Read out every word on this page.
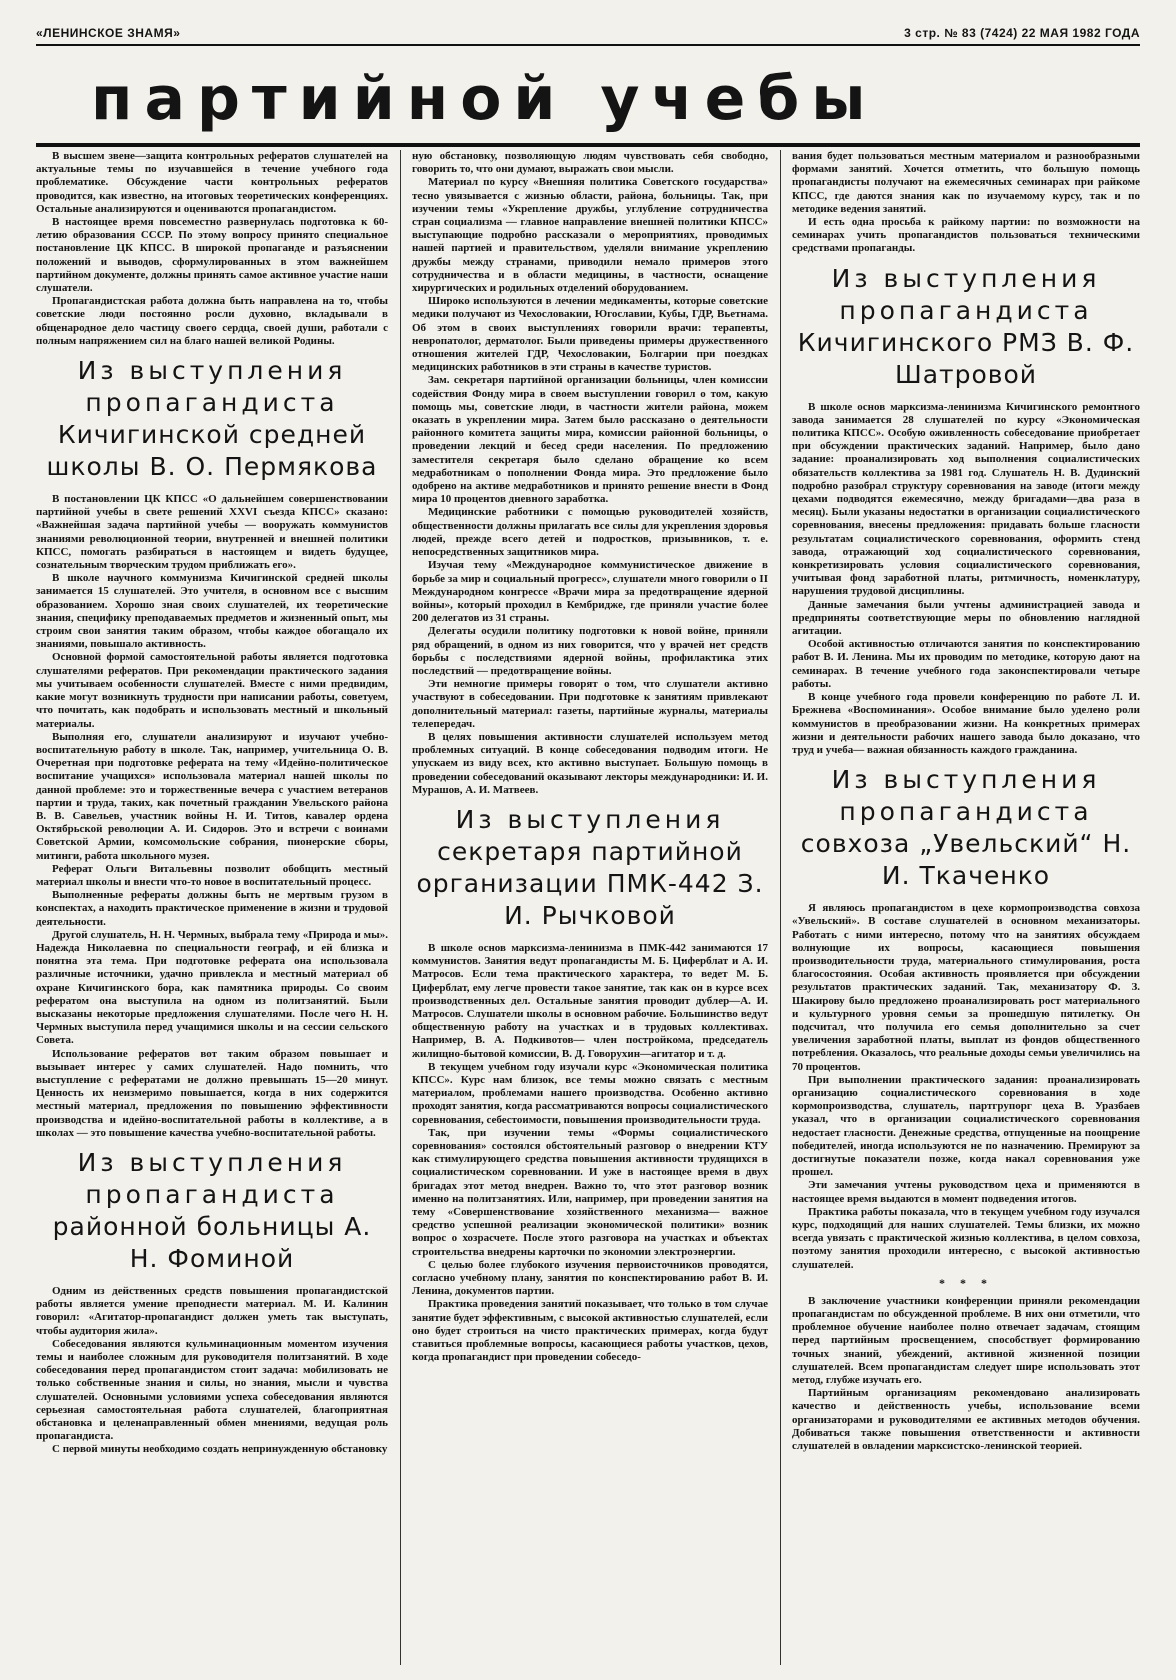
«ЛЕНИНСКОЕ ЗНАМЯ»	3 стр. № 83 (7424) 22 МАЯ 1982 ГОДА
партийной учебы

В высшем звене—защита контрольных рефератов слушателей на актуальные темы по изучавшейся в течение учебного года проблематике. Обсуждение части контрольных рефератов проводится, как известно, на итоговых теоретических конференциях. Остальные анализируются и оцениваются пропагандистом.

В настоящее время повсеместно развернулась подготовка к 60-летию образования СССР. По этому вопросу принято специальное постановление ЦК КПСС. В широкой пропаганде и разъяснении положений и выводов, сформулированных в этом важнейшем партийном документе, должны принять самое активное участие наши слушатели.

Пропагандистская работа должна быть направлена на то, чтобы советские люди постоянно росли духовно, вкладывали в общенародное дело частицу своего сердца, своей души, работали с полным напряжением сил на благо нашей великой Родины.

Из выступления пропагандиста
Кичигинской средней школы В. О. Пермякова

В постановлении ЦК КПСС «О дальнейшем совершенствовании партийной учебы в свете решений XXVI съезда КПСС» сказано: «Важнейшая задача партийной учебы — вооружать коммунистов знаниями революционной теории, внутренней и внешней политики КПСС, помогать разбираться в настоящем и видеть будущее, сознательным творческим трудом приближать его».

В школе научного коммунизма Кичигинской средней школы занимается 15 слушателей. Это учителя, в основном все с высшим образованием. Хорошо зная своих слушателей, их теоретические знания, специфику преподаваемых предметов и жизненный опыт, мы строим свои занятия таким образом, чтобы каждое обогащало их знаниями, повышало активность.

Основной формой самостоятельной работы является подготовка слушателями рефератов. При рекомендации практического задания мы учитываем особенности слушателей. Вместе с ними предвидим, какие могут возникнуть трудности при написании работы, советуем, что почитать, как подобрать и использовать местный и школьный материалы.

Выполняя его, слушатели анализируют и изучают учебно-воспитательную работу в школе. Так, например, учительница О. В. Очеретная при подготовке реферата на тему «Идейно-политическое воспитание учащихся» использовала материал нашей школы по данной проблеме: это и торжественные вечера с участием ветеранов партии и труда, таких, как почетный гражданин Увельского района В. В. Савельев, участник войны Н. И. Титов, кавалер ордена Октябрьской революции А. И. Сидоров. Это и встречи с воинами Советской Армии, комсомольские собрания, пионерские сборы, митинги, работа школьного музея.

Реферат Ольги Витальевны позволит обобщить местный материал школы и внести что-то новое в воспитательный процесс.

Выполненные рефераты должны быть не мертвым грузом в конспектах, а находить практическое применение в жизни и трудовой деятельности.

Другой слушатель, Н. Н. Чермных, выбрала тему «Природа и мы». Надежда Николаевна по специальности географ, и ей близка и понятна эта тема. При подготовке реферата она использовала различные источники, удачно привлекла и местный материал об охране Кичигинского бора, как памятника природы. Со своим рефератом она выступила на одном из политзанятий. Были высказаны некоторые предложения слушателями. После чего Н. Н. Чермных выступила перед учащимися школы и на сессии сельского Совета.

Использование рефератов вот таким образом повышает и вызывает интерес у самих слушателей. Надо помнить, что выступление с рефератами не должно превышать 15—20 минут. Ценность их неизмеримо повышается, когда в них содержится местный материал, предложения по повышению эффективности производства и идейно-воспитательной работы в коллективе, а в школах — это повышение качества учебно-воспитательной работы.

Из выступления пропагандиста
районной больницы А. Н. Фоминой

Одним из действенных средств повышения пропагандистской работы является умение преподнести материал. М. И. Калинин говорил: «Агитатор-пропагандист должен уметь так выступать, чтобы аудитория жила».

Собеседования являются кульминационным моментом изучения темы и наиболее сложным для руководителя политзанятий. В ходе собеседования перед пропагандистом стоит задача: мобилизовать не только собственные знания и силы, но знания, мысли и чувства слушателей. Основными условиями успеха собеседования являются серьезная самостоятельная работа слушателей, благоприятная обстановка и целенаправленный обмен мнениями, ведущая роль пропагандиста.

С первой минуты необходимо создать непринужденную обстановку

ную обстановку, позволяющую людям чувствовать себя свободно, говорить то, что они думают, выражать свои мысли.

Материал по курсу «Внешняя политика Советского государства» тесно увязывается с жизнью области, района, больницы. Так, при изучении темы «Укрепление дружбы, углубление сотрудничества стран социализма — главное направление внешней политики КПСС» выступающие подробно рассказали о мероприятиях, проводимых нашей партией и правительством, уделяли внимание укреплению дружбы между странами, приводили немало примеров этого сотрудничества и в области медицины, в частности, оснащение хирургических и родильных отделений оборудованием.

Широко используются в лечении медикаменты, которые советские медики получают из Чехословакии, Югославии, Кубы, ГДР, Вьетнама. Об этом в своих выступлениях говорили врачи: терапевты, невропатолог, дерматолог. Были приведены примеры дружественного отношения жителей ГДР, Чехословакии, Болгарии при поездках медицинских работников в эти страны в качестве туристов.

Зам. секретаря партийной организации больницы, член комиссии содействия Фонду мира в своем выступлении говорил о том, какую помощь мы, советские люди, в частности жители района, можем оказать в укреплении мира. Затем было рассказано о деятельности районного комитета защиты мира, комиссии районной больницы, о проведении лекций и бесед среди населения. По предложению заместителя секретаря было сделано обращение ко всем медработникам о пополнении Фонда мира. Это предложение было одобрено на активе медработников и принято решение внести в Фонд мира 10 процентов дневного заработка.

Медицинские работники с помощью руководителей хозяйств, общественности должны прилагать все силы для укрепления здоровья людей, прежде всего детей и подростков, призывников, т. е. непосредственных защитников мира.

Изучая тему «Международное коммунистическое движение в борьбе за мир и социальный прогресс», слушатели много говорили о II Международном конгрессе «Врачи мира за предотвращение ядерной войны», который проходил в Кембридже, где приняли участие более 200 делегатов из 31 страны.

Делегаты осудили политику подготовки к новой войне, приняли ряд обращений, в одном из них говорится, что у врачей нет средств борьбы с последствиями ядерной войны, профилактика этих последствий — предотвращение войны.

Эти немногие примеры говорят о том, что слушатели активно участвуют в собеседовании. При подготовке к занятиям привлекают дополнительный материал: газеты, партийные журналы, материалы телепередач.

В целях повышения активности слушателей используем метод проблемных ситуаций. В конце собеседования подводим итоги. Не упускаем из виду всех, кто активно выступает. Большую помощь в проведении собеседований оказывают лекторы международники: И. И. Мурашов, А. И. Матвеев.

Из выступления
секретаря партийной организации ПМК-442 З. И. Рычковой

В школе основ марксизма-ленинизма в ПМК-442 занимаются 17 коммунистов. Занятия ведут пропагандисты М. Б. Циферблат и А. И. Матросов. Если тема практического характера, то ведет М. Б. Циферблат, ему легче провести такое занятие, так как он в курсе всех производственных дел. Остальные занятия проводит дублер—А. И. Матросов. Слушатели школы в основном рабочие. Большинство ведут общественную работу на участках и в трудовых коллективах. Например, В. А. Подкивотов— член постройкома, председатель жилищно-бытовой комиссии, В. Д. Говорухин—агитатор и т. д.

В текущем учебном году изучали курс «Экономическая политика КПСС». Курс нам близок, все темы можно связать с местным материалом, проблемами нашего производства. Особенно активно проходят занятия, когда рассматриваются вопросы социалистического соревнования, себестоимости, повышения производительности труда.

Так, при изучении темы «Формы социалистического соревнования» состоялся обстоятельный разговор о внедрении КТУ как стимулирующего средства повышения активности трудящихся в социалистическом соревновании. И уже в настоящее время в двух бригадах этот метод внедрен. Важно то, что этот разговор возник именно на политзанятиях. Или, например, при проведении занятия на тему «Совершенствование хозяйственного механизма— важное средство успешной реализации экономической политики» возник вопрос о хозрасчете. После этого разговора на участках и объектах строительства внедрены карточки по экономии электроэнергии.

С целью более глубокого изучения первоисточников проводятся, согласно учебному плану, занятия по конспектированию работ В. И. Ленина, документов партии.

Практика проведения занятий показывает, что только в том случае занятие будет эффективным, с высокой активностью слушателей, если оно будет строиться на чисто практических примерах, когда будут ставиться проблемные вопросы, касающиеся работы участков, цехов, когда пропагандист при проведении собеседо-

вания будет пользоваться местным материалом и разнообразными формами занятий. Хочется отметить, что большую помощь пропагандисты получают на ежемесячных семинарах при райкоме КПСС, где даются знания как по изучаемому курсу, так и по методике ведения занятий.

И есть одна просьба к райкому партии: по возможности на семинарах учить пропагандистов пользоваться техническими средствами пропаганды.

Из выступления пропагандиста
Кичигинского РМЗ В. Ф. Шатровой

В школе основ марксизма-ленинизма Кичигинского ремонтного завода занимается 28 слушателей по курсу «Экономическая политика КПСС». Особую оживленность собеседование приобретает при обсуждении практических заданий. Например, было дано задание: проанализировать ход выполнения социалистических обязательств коллектива за 1981 год. Слушатель Н. В. Дудинский подробно разобрал структуру соревнования на заводе (итоги между цехами подводятся ежемесячно, между бригадами—два раза в месяц). Были указаны недостатки в организации социалистического соревнования, внесены предложения: придавать больше гласности результатам социалистического соревнования, оформить стенд завода, отражающий ход социалистического соревнования, конкретизировать условия социалистического соревнования, учитывая фонд заработной платы, ритмичность, номенклатуру, нарушения трудовой дисциплины.

Данные замечания были учтены администрацией завода и предприняты соответствующие меры по обновлению наглядной агитации.

Особой активностью отличаются занятия по конспектированию работ В. И. Ленина. Мы их проводим по методике, которую дают на семинарах. В течение учебного года законспектировали четыре работы.

В конце учебного года провели конференцию по работе Л. И. Брежнева «Воспоминания». Особое внимание было уделено роли коммунистов в преобразовании жизни. На конкретных примерах жизни и деятельности рабочих нашего завода было доказано, что труд и учеба— важная обязанность каждого гражданина.

Из выступления пропагандиста
совхоза „Увельский“ Н. И. Ткаченко

Я являюсь пропагандистом в цехе кормопроизводства совхоза «Увельский». В составе слушателей в основном механизаторы. Работать с ними интересно, потому что на занятиях обсуждаем волнующие их вопросы, касающиеся повышения производительности труда, материального стимулирования, роста благосостояния. Особая активность проявляется при обсуждении результатов практических заданий. Так, механизатору Ф. З. Шакирову было предложено проанализировать рост материального и культурного уровня семьи за прошедшую пятилетку. Он подсчитал, что получила его семья дополнительно за счет увеличения заработной платы, выплат из фондов общественного потребления. Оказалось, что реальные доходы семьи увеличились на 70 процентов.

При выполнении практического задания: проанализировать организацию социалистического соревнования в ходе кормопроизводства, слушатель, партгрупорг цеха В. Уразбаев указал, что в организации социалистического соревнования недостает гласности. Денежные средства, отпущенные на поощрение победителей, иногда используются не по назначению. Премируют за достигнутые показатели позже, когда накал соревнования уже прошел.

Эти замечания учтены руководством цеха и применяются в настоящее время выдаются в момент подведения итогов.

Практика работы показала, что в текущем учебном году изучался курс, подходящий для наших слушателей. Темы близки, их можно всегда увязать с практической жизнью коллектива, в целом совхоза, поэтому занятия проходили интересно, с высокой активностью слушателей.

* * *

В заключение участники конференции приняли рекомендации пропагандистам по обсужденной проблеме. В них они отметили, что проблемное обучение наиболее полно отвечает задачам, стоящим перед партийным просвещением, способствует формированию точных знаний, убеждений, активной жизненной позиции слушателей. Всем пропагандистам следует шире использовать этот метод, глубже изучать его.

Партийным организациям рекомендовано анализировать качество и действенность учебы, использование всеми организаторами и руководителями ее активных методов обучения. Добиваться также повышения ответственности и активности слушателей в овладении марксистско-ленинской теорией.
